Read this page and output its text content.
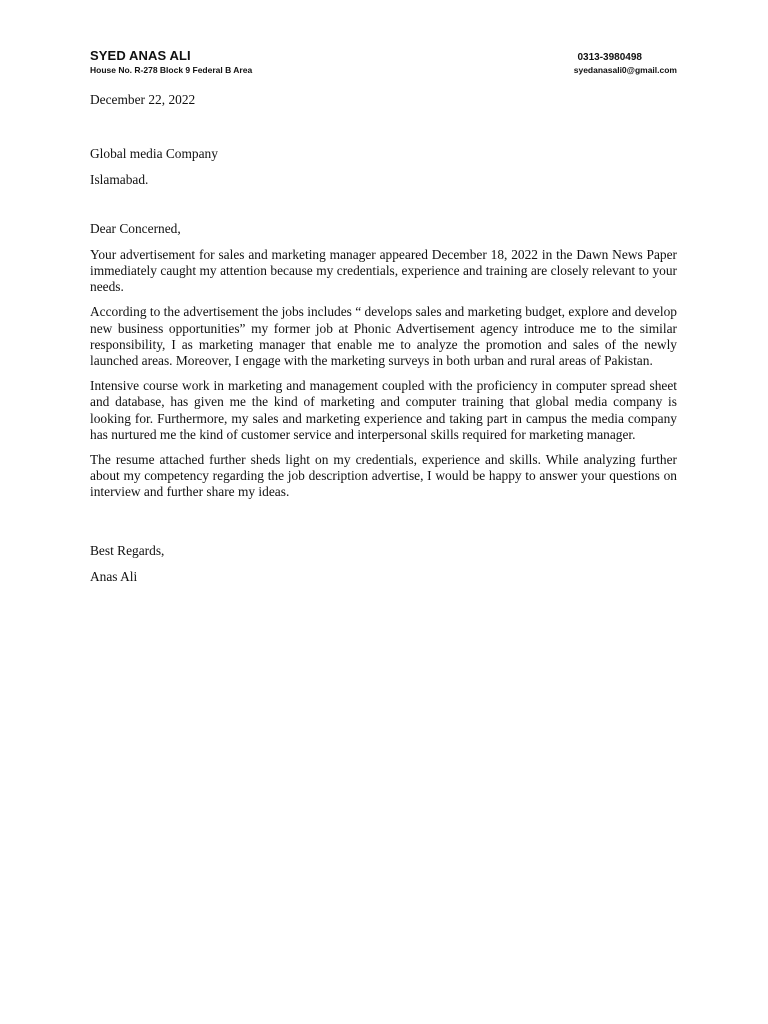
SYED ANAS ALI	0313-3980498
House No. R-278 Block 9 Federal B Area	syedanasali0@gmail.com

December 22, 2022

Global media Company

Islamabad.

Dear Concerned,

Your advertisement for sales and marketing manager appeared December 18, 2022 in the Dawn News Paper immediately caught my attention because my credentials, experience and training are closely relevant to your needs.

According to the advertisement the jobs includes “ develops sales and marketing budget, explore and develop new business opportunities” my former job at Phonic Advertisement agency introduce me to the similar responsibility, I as marketing manager that enable me to analyze the promotion and sales of the newly launched areas. Moreover, I engage with the marketing surveys in both urban and rural areas of Pakistan.

Intensive course work in marketing and management coupled with the proficiency in computer spread sheet and database, has given me the kind of marketing and computer training that global media company is looking for. Furthermore, my sales and marketing experience and taking part in campus the media company has nurtured me the kind of customer service and interpersonal skills required for marketing manager.

The resume attached further sheds light on my credentials, experience and skills. While analyzing further about my competency regarding the job description advertise, I would be happy to answer your questions on interview and further share my ideas.

Best Regards,

Anas Ali
